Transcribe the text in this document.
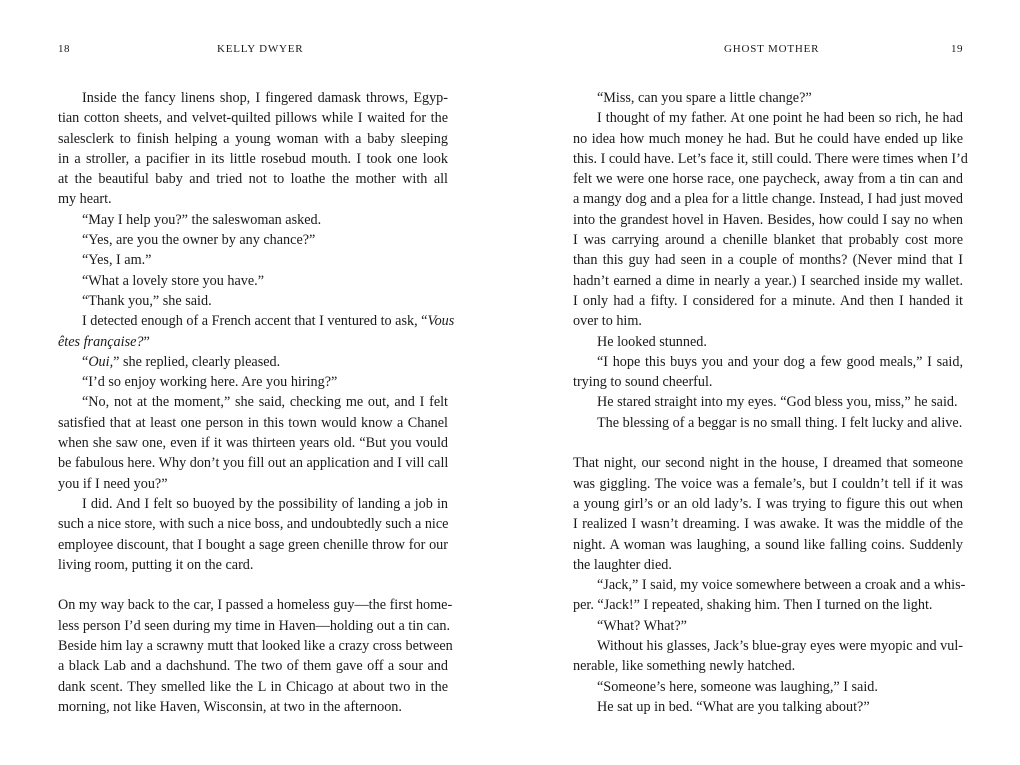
18	KELLY DWYER
Inside the fancy linens shop, I fingered damask throws, Egyp-
tian cotton sheets, and velvet-quilted pillows while I waited for the
salesclerk to finish helping a young woman with a baby sleeping
in a stroller, a pacifier in its little rosebud mouth. I took one look
at the beautiful baby and tried not to loathe the mother with all
my heart.
“May I help you?” the saleswoman asked.
“Yes, are you the owner by any chance?”
“Yes, I am.”
“What a lovely store you have.”
“Thank you,” she said.
I detected enough of a French accent that I ventured to ask, “Vous
êtes française?”
“Oui,” she replied, clearly pleased.
“I’d so enjoy working here. Are you hiring?”
“No, not at the moment,” she said, checking me out, and I felt
satisfied that at least one person in this town would know a Chanel
when she saw one, even if it was thirteen years old. “But you vould
be fabulous here. Why don’t you fill out an application and I vill call
you if I need you?”
I did. And I felt so buoyed by the possibility of landing a job in
such a nice store, with such a nice boss, and undoubtedly such a nice
employee discount, that I bought a sage green chenille throw for our
living room, putting it on the card.
On my way back to the car, I passed a homeless guy—the first home-
less person I’d seen during my time in Haven—holding out a tin can.
Beside him lay a scrawny mutt that looked like a crazy cross between
a black Lab and a dachshund. The two of them gave off a sour and
dank scent. They smelled like the L in Chicago at about two in the
morning, not like Haven, Wisconsin, at two in the afternoon.
GHOST MOTHER	19
“Miss, can you spare a little change?”
I thought of my father. At one point he had been so rich, he had
no idea how much money he had. But he could have ended up like
this. I could have. Let’s face it, still could. There were times when I’d
felt we were one horse race, one paycheck, away from a tin can and
a mangy dog and a plea for a little change. Instead, I had just moved
into the grandest hovel in Haven. Besides, how could I say no when
I was carrying around a chenille blanket that probably cost more
than this guy had seen in a couple of months? (Never mind that I
hadn’t earned a dime in nearly a year.) I searched inside my wallet.
I only had a fifty. I considered for a minute. And then I handed it
over to him.
He looked stunned.
“I hope this buys you and your dog a few good meals,” I said,
trying to sound cheerful.
He stared straight into my eyes. “God bless you, miss,” he said.
The blessing of a beggar is no small thing. I felt lucky and alive.
That night, our second night in the house, I dreamed that someone
was giggling. The voice was a female’s, but I couldn’t tell if it was
a young girl’s or an old lady’s. I was trying to figure this out when
I realized I wasn’t dreaming. I was awake. It was the middle of the
night. A woman was laughing, a sound like falling coins. Suddenly
the laughter died.
“Jack,” I said, my voice somewhere between a croak and a whis-
per. “Jack!” I repeated, shaking him. Then I turned on the light.
“What? What?”
Without his glasses, Jack’s blue-gray eyes were myopic and vul-
nerable, like something newly hatched.
“Someone’s here, someone was laughing,” I said.
He sat up in bed. “What are you talking about?”
